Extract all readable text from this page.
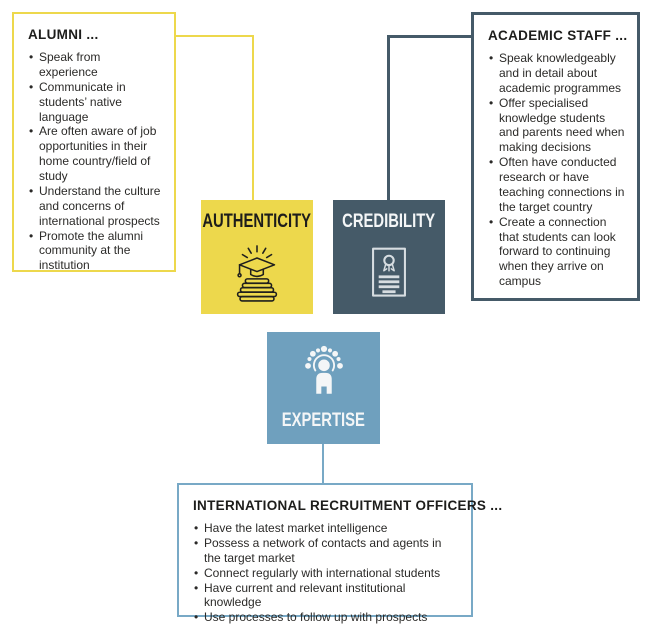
ALUMNI ...
• Speak from experience
• Communicate in students’ native language
• Are often aware of job opportunities in their home country/field of study
• Understand the culture and concerns of international prospects
• Promote the alumni community at the institution
ACADEMIC STAFF ...
• Speak knowledgeably and in detail about academic programmes
• Offer specialised knowledge students and parents need when making decisions
• Often have conducted research or have teaching connections in the target country
• Create a connection that students can look forward to continuing when they arrive on campus
AUTHENTICITY CREDIBILITY
EXPERTISE
INTERNATIONAL RECRUITMENT OFFICERS ...
• Have the latest market intelligence
• Possess a network of contacts and agents in the target market
• Connect regularly with international students
• Have current and relevant institutional knowledge
• Use processes to follow up with prospects
